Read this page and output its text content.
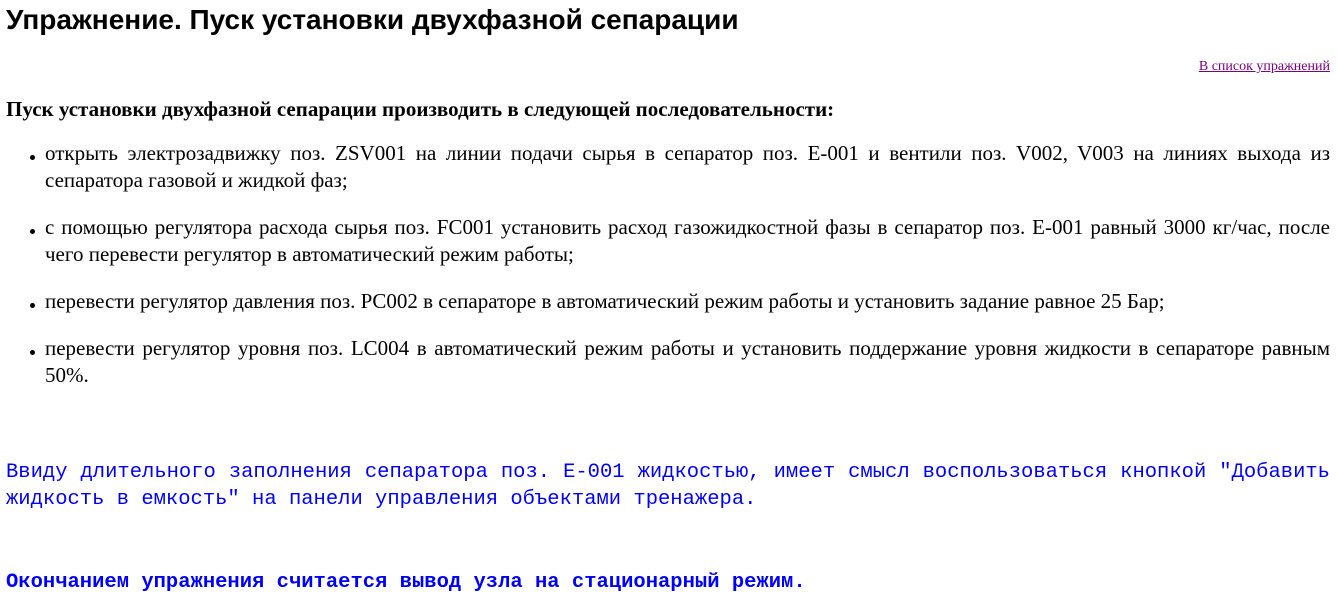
Упражнение. Пуск установки двухфазной сепарации
В список упражнений

Пуск установки двухфазной сепарации производить в следующей последовательности:

открыть электрозадвижку поз. ZSV001 на линии подачи сырья в сепаратор поз. E-001 и вентили поз. V002, V003 на линиях выхода из сепаратора газовой и жидкой фаз;
с помощью регулятора расхода сырья поз. FC001 установить расход газожидкостной фазы в сепаратор поз. E-001 равный 3000 кг/час, после чего перевести регулятор в автоматический режим работы;
перевести регулятор давления поз. PC002 в сепараторе в автоматический режим работы и установить задание равное 25 Бар;
перевести регулятор уровня поз. LC004 в автоматический режим работы и установить поддержание уровня жидкости в сепараторе равным 50%.

Ввиду длительного заполнения сепаратора поз. E-001 жидкостью, имеет смысл воспользоваться кнопкой "Добавить жидкость в емкость" на панели управления объектами тренажера.

Окончанием упражнения считается вывод узла на стационарный режим.
